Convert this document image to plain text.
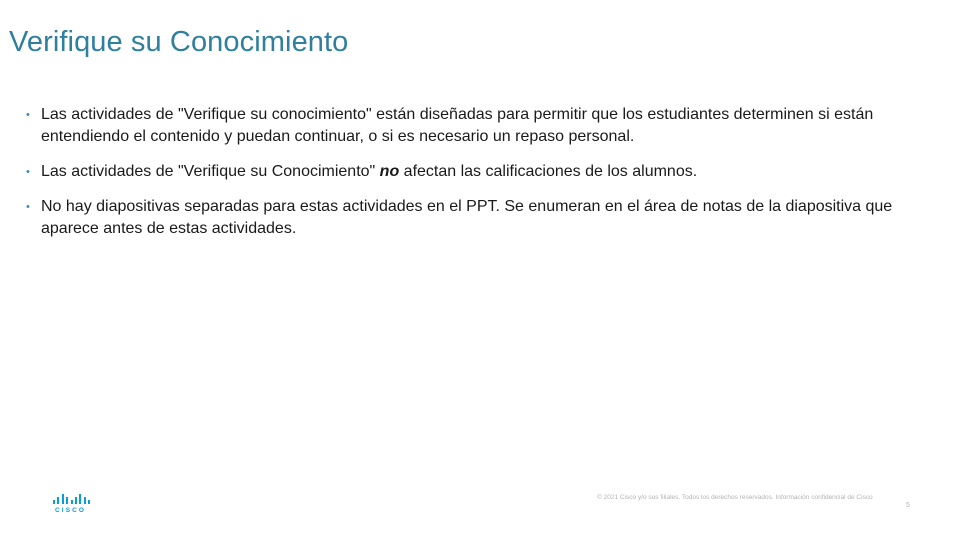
Verifique su Conocimiento
• Las actividades de "Verifique su conocimiento" están diseñadas para permitir que los estudiantes determinen si están entendiendo el contenido y puedan continuar, o si es necesario un repaso personal.
• Las actividades de "Verifique su Conocimiento" no afectan las calificaciones de los alumnos.
• No hay diapositivas separadas para estas actividades en el PPT. Se enumeran en el área de notas de la diapositiva que aparece antes de estas actividades.
CISCO
© 2021 Cisco y/o sus filiales. Todos los derechos reservados. Información confidencial de Cisco
5
